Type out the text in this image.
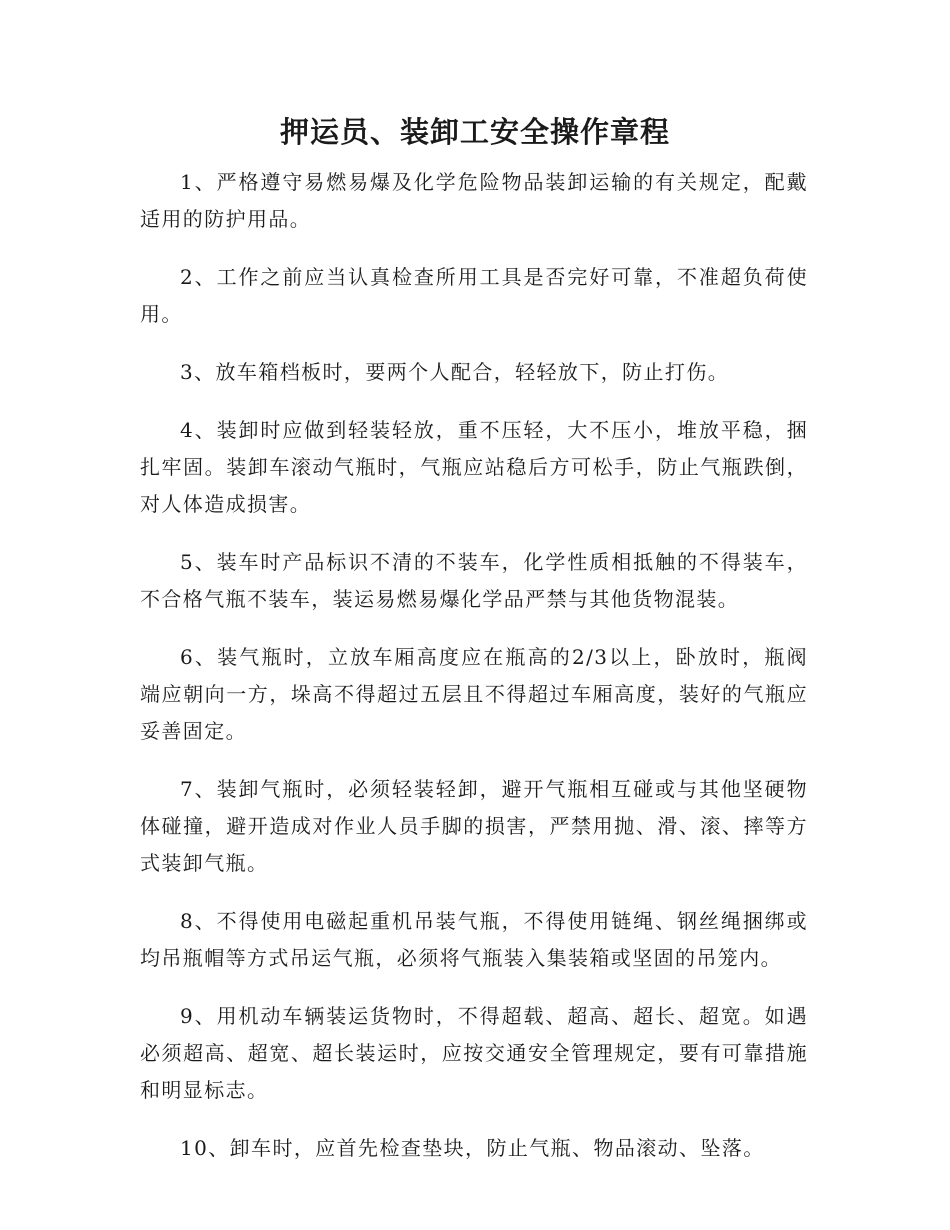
押运员、装卸工安全操作章程

1、严格遵守易燃易爆及化学危险物品装卸运输的有关规定，配戴适用的防护用品。

2、工作之前应当认真检查所用工具是否完好可靠，不准超负荷使用。

3、放车箱档板时，要两个人配合，轻轻放下，防止打伤。

4、装卸时应做到轻装轻放，重不压轻，大不压小，堆放平稳，捆扎牢固。装卸车滚动气瓶时，气瓶应站稳后方可松手，防止气瓶跌倒，对人体造成损害。

5、装车时产品标识不清的不装车，化学性质相抵触的不得装车，不合格气瓶不装车，装运易燃易爆化学品严禁与其他货物混装。

6、装气瓶时，立放车厢高度应在瓶高的2/3以上，卧放时，瓶阀端应朝向一方，垛高不得超过五层且不得超过车厢高度，装好的气瓶应妥善固定。

7、装卸气瓶时，必须轻装轻卸，避开气瓶相互碰或与其他坚硬物体碰撞，避开造成对作业人员手脚的损害，严禁用抛、滑、滚、摔等方式装卸气瓶。

8、不得使用电磁起重机吊装气瓶，不得使用链绳、钢丝绳捆绑或均吊瓶帽等方式吊运气瓶，必须将气瓶装入集装箱或坚固的吊笼内。

9、用机动车辆装运货物时，不得超载、超高、超长、超宽。如遇必须超高、超宽、超长装运时，应按交通安全管理规定，要有可靠措施和明显标志。

10、卸车时，应首先检查垫块，防止气瓶、物品滚动、坠落。
